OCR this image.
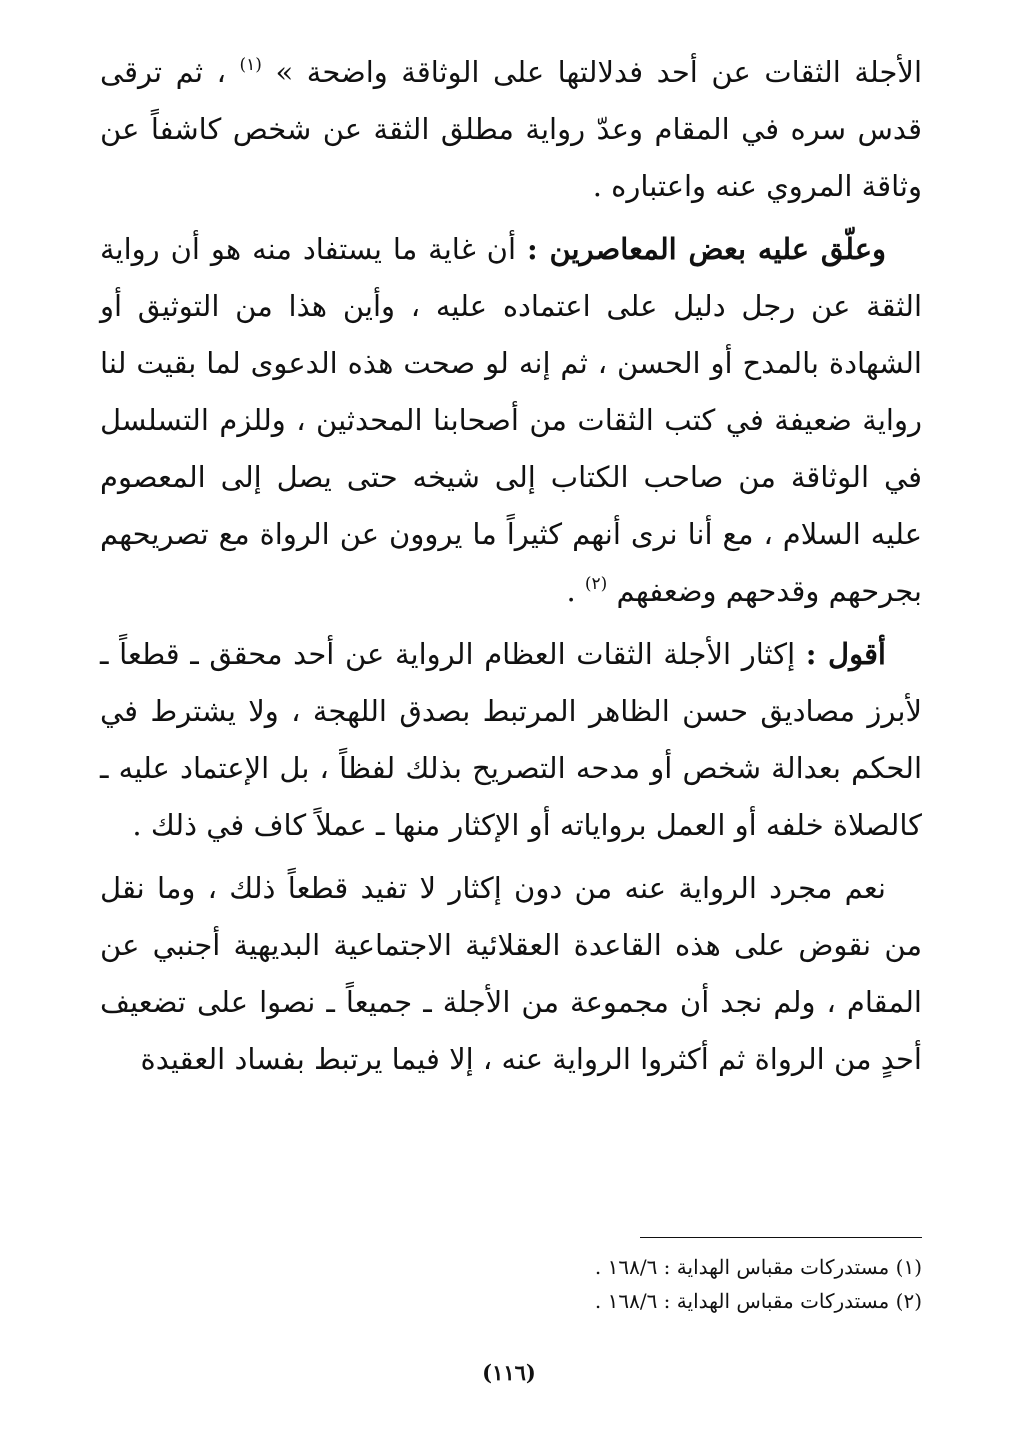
الأجلة الثقات عن أحد فدلالتها على الوثاقة واضحة » $^{(١)}$ ، ثم ترقى قدس سره في المقام وعدّ رواية مطلق الثقة عن شخص كاشفاً عن وثاقة المروي عنه واعتباره .

وعلّق عليه بعض المعاصرين : أن غاية ما يستفاد منه هو أن رواية الثقة عن رجل دليل على اعتماده عليه ، وأين هذا من التوثيق أو الشهادة بالمدح أو الحسن ، ثم إنه لو صحت هذه الدعوى لما بقيت لنا رواية ضعيفة في كتب الثقات من أصحابنا المحدثين ، وللزم التسلسل في الوثاقة من صاحب الكتاب إلى شيخه حتى يصل إلى المعصوم عليه السلام ، مع أنا نرى أنهم كثيراً ما يروون عن الرواة مع تصريحهم بجرحهم وقدحهم وضعفهم $^{(٢)}$ .

أقول : إكثار الأجلة الثقات العظام الرواية عن أحد محقق ـ قطعاً ـ لأبرز مصاديق حسن الظاهر المرتبط بصدق اللهجة ، ولا يشترط في الحكم بعدالة شخص أو مدحه التصريح بذلك لفظاً ، بل الإعتماد عليه ـ كالصلاة خلفه أو العمل برواياته أو الإكثار منها ـ عملاً كاف في ذلك .

نعم مجرد الرواية عنه من دون إكثار لا تفيد قطعاً ذلك ، وما نقل من نقوض على هذه القاعدة العقلائية الاجتماعية البديهية أجنبي عن المقام ، ولم نجد أن مجموعة من الأجلة ـ جميعاً ـ نصوا على تضعيف أحدٍ من الرواة ثم أكثروا الرواية عنه ، إلا فيما يرتبط بفساد العقيدة

(١) مستدركات مقباس الهداية : ١٦٨/٦ .

(٢) مستدركات مقباس الهداية : ١٦٨/٦ .

(١١٦)
